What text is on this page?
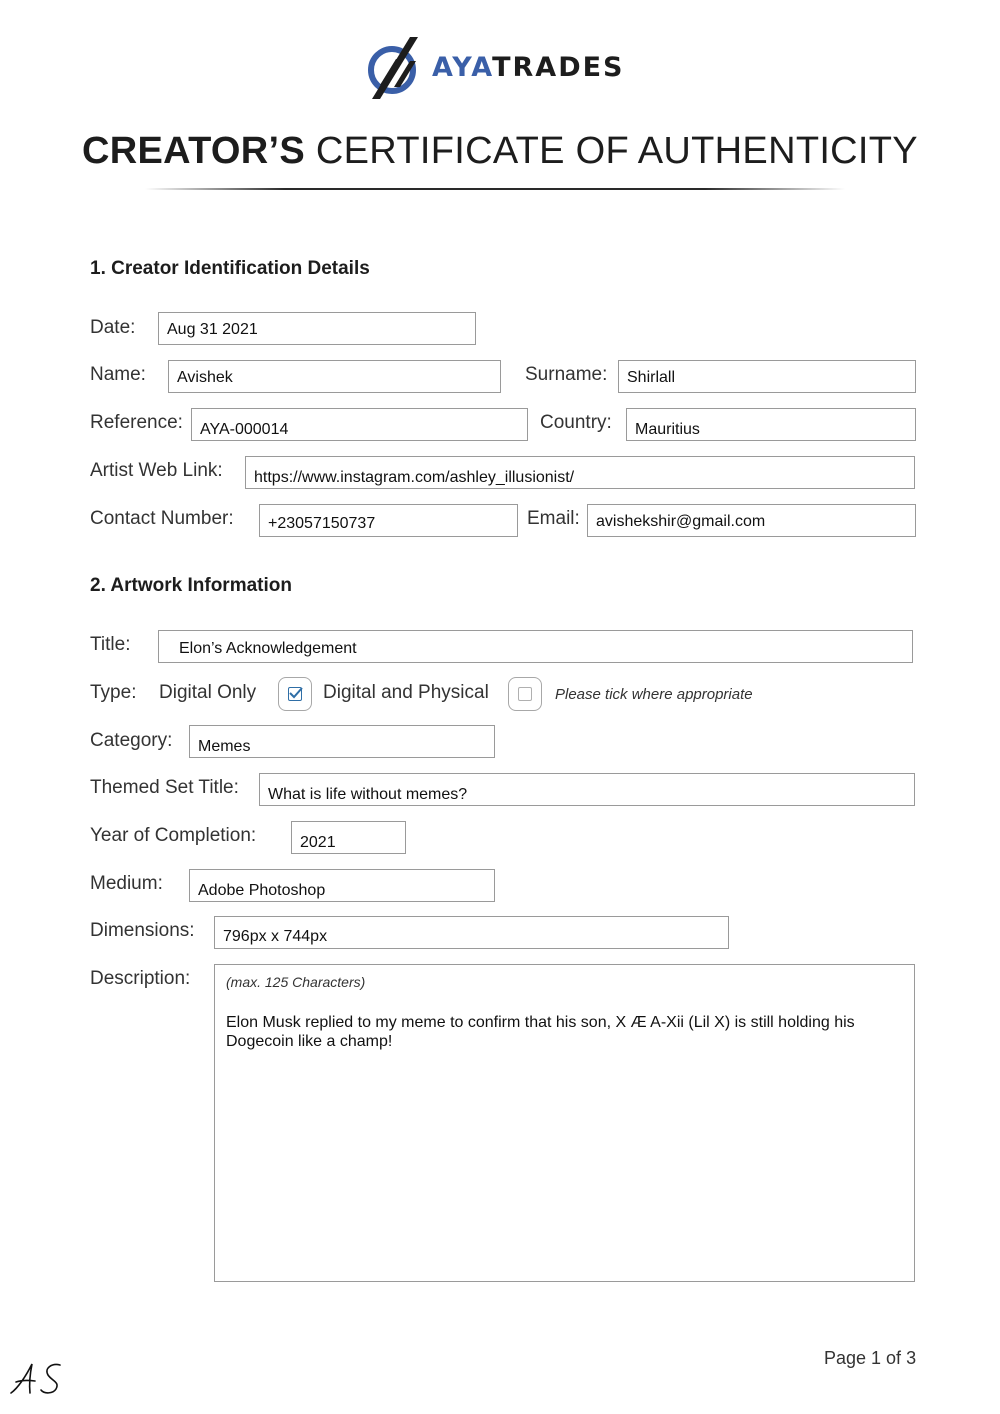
AYATRADES
CREATOR’S CERTIFICATE OF AUTHENTICITY
1. Creator Identification Details
Date:	Aug 31 2021
Name:	Avishek	Surname:	Shirlall
Reference:	AYA-000014	Country:	Mauritius
Artist Web Link:	https://www.instagram.com/ashley_illusionist/
Contact Number:	+23057150737	Email:	avishekshir@gmail.com
2. Artwork Information
Title:	Elon’s Acknowledgement
Type: Digital Only	Digital and Physical	Please tick where appropriate
Category:	Memes
Themed Set Title:	What is life without memes?
Year of Completion:	2021
Medium:	Adobe Photoshop
Dimensions:	796px x 744px
Description:	(max. 125 Characters)
Elon Musk replied to my meme to confirm that his son, X Æ A-Xii (Lil X) is still holding his Dogecoin like a champ!
Page 1 of 3
